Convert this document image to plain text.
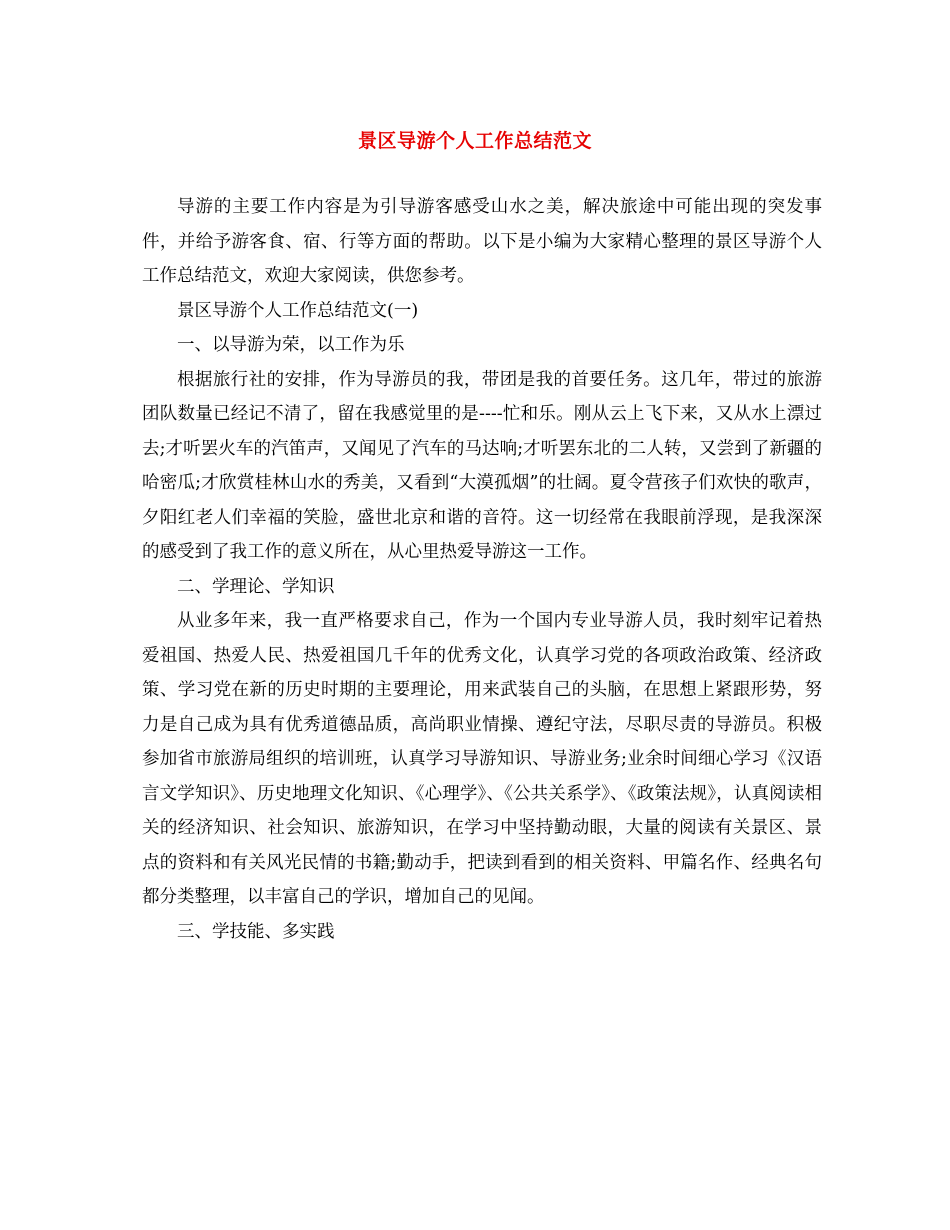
景区导游个人工作总结范文

导游的主要工作内容是为引导游客感受山水之美，解决旅途中可能出现的突发事件，并给予游客食、宿、行等方面的帮助。以下是小编为大家精心整理的景区导游个人工作总结范文，欢迎大家阅读，供您参考。

景区导游个人工作总结范文(一)

一、以导游为荣，以工作为乐

根据旅行社的安排，作为导游员的我，带团是我的首要任务。这几年，带过的旅游团队数量已经记不清了，留在我感觉里的是----忙和乐。刚从云上飞下来，又从水上漂过去;才听罢火车的汽笛声，又闻见了汽车的马达响;才听罢东北的二人转，又尝到了新疆的哈密瓜;才欣赏桂林山水的秀美，又看到“大漠孤烟”的壮阔。夏令营孩子们欢快的歌声，夕阳红老人们幸福的笑脸，盛世北京和谐的音符。这一切经常在我眼前浮现，是我深深的感受到了我工作的意义所在，从心里热爱导游这一工作。

二、学理论、学知识

从业多年来，我一直严格要求自己，作为一个国内专业导游人员，我时刻牢记着热爱祖国、热爱人民、热爱祖国几千年的优秀文化，认真学习党的各项政治政策、经济政策、学习党在新的历史时期的主要理论，用来武装自己的头脑，在思想上紧跟形势，努力是自己成为具有优秀道德品质，高尚职业情操、遵纪守法，尽职尽责的导游员。积极参加省市旅游局组织的培训班，认真学习导游知识、导游业务;业余时间细心学习《汉语言文学知识》、历史地理文化知识、《心理学》、《公共关系学》、《政策法规》，认真阅读相关的经济知识、社会知识、旅游知识，在学习中坚持勤动眼，大量的阅读有关景区、景点的资料和有关风光民情的书籍;勤动手，把读到看到的相关资料、甲篇名作、经典名句都分类整理，以丰富自己的学识，增加自己的见闻。

三、学技能、多实践
